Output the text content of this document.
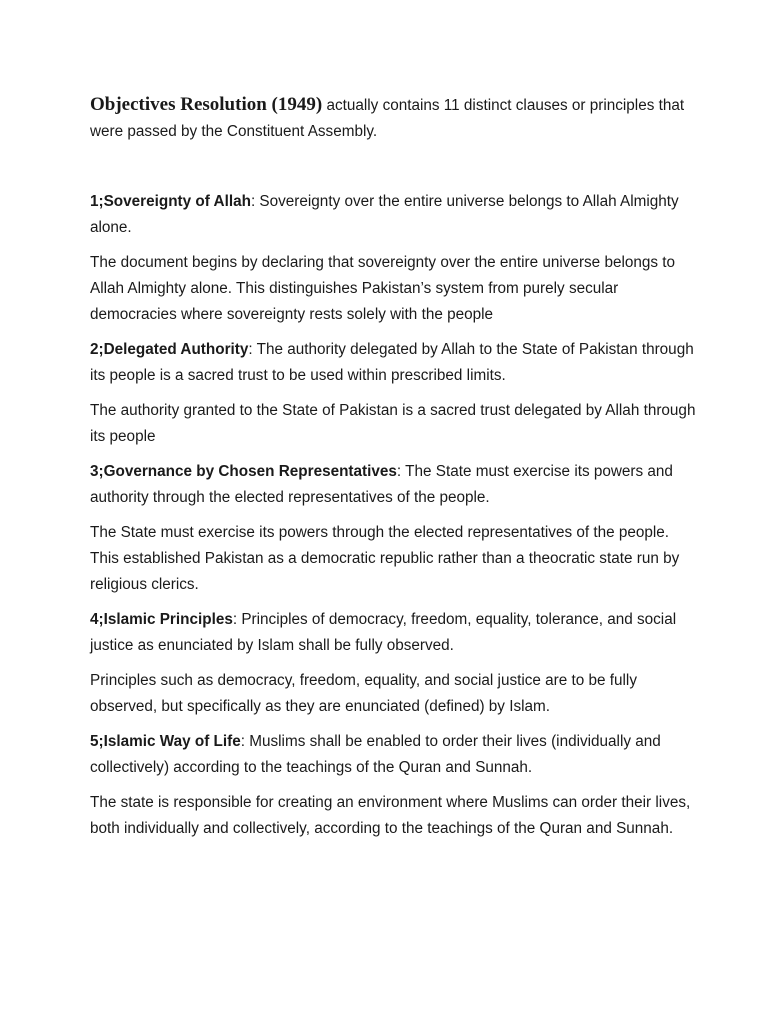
Objectives Resolution (1949) actually contains 11 distinct clauses or principles that were passed by the Constituent Assembly.

1;Sovereignty of Allah: Sovereignty over the entire universe belongs to Allah Almighty alone.

The document begins by declaring that sovereignty over the entire universe belongs to Allah Almighty alone. This distinguishes Pakistan’s system from purely secular democracies where sovereignty rests solely with the people

2;Delegated Authority: The authority delegated by Allah to the State of Pakistan through its people is a sacred trust to be used within prescribed limits.

The authority granted to the State of Pakistan is a sacred trust delegated by Allah through its people

3;Governance by Chosen Representatives: The State must exercise its powers and authority through the elected representatives of the people.

The State must exercise its powers through the elected representatives of the people. This established Pakistan as a democratic republic rather than a theocratic state run by religious clerics.

4;Islamic Principles: Principles of democracy, freedom, equality, tolerance, and social justice as enunciated by Islam shall be fully observed.

Principles such as democracy, freedom, equality, and social justice are to be fully observed, but specifically as they are enunciated (defined) by Islam.

5;Islamic Way of Life: Muslims shall be enabled to order their lives (individually and collectively) according to the teachings of the Quran and Sunnah.

The state is responsible for creating an environment where Muslims can order their lives, both individually and collectively, according to the teachings of the Quran and Sunnah.
